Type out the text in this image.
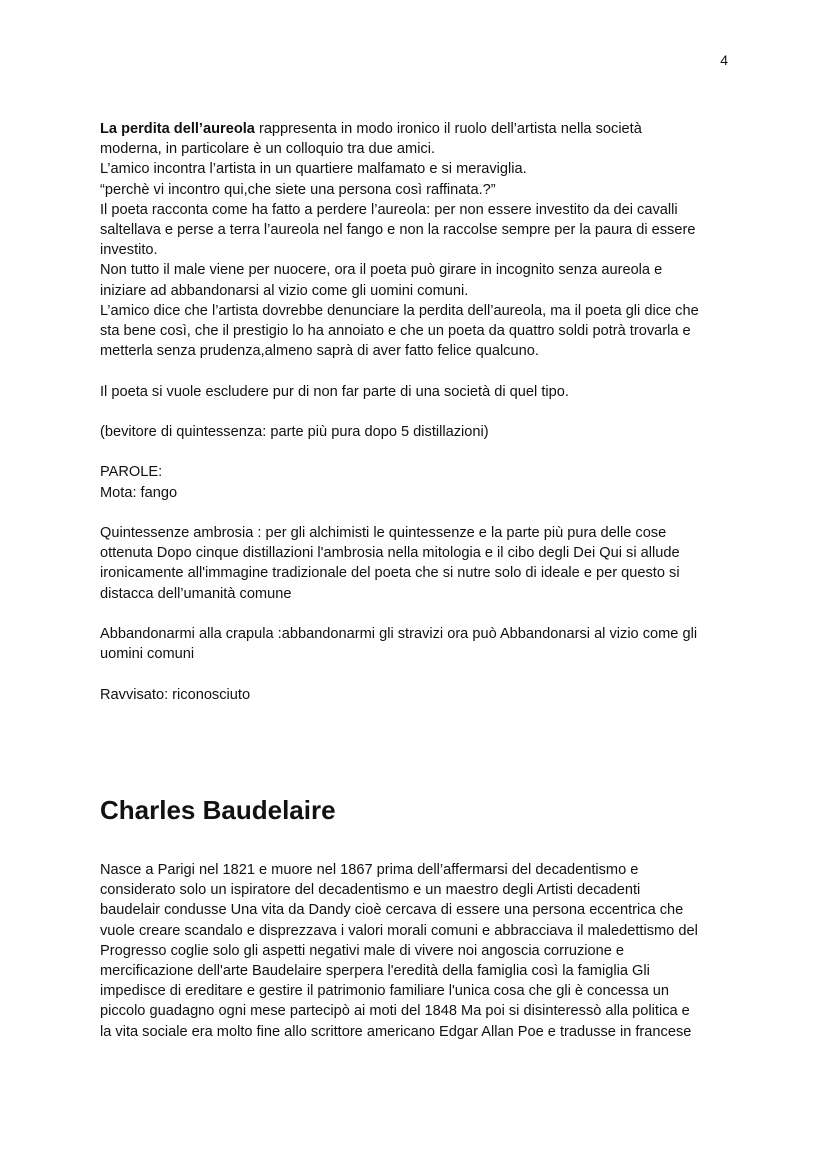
4
La perdita dell’aureola rappresenta in modo ironico il ruolo dell’artista nella società
moderna, in particolare è un colloquio tra due amici.
L’amico incontra l’artista in un quartiere malfamato e si meraviglia.
“perchè vi incontro qui,che siete una persona così raffinata.?”
Il poeta racconta come ha fatto a perdere l’aureola: per non essere investito da dei cavalli
saltellava e perse a terra l’aureola nel fango e non la raccolse sempre per la paura di essere
investito.
Non tutto il male viene per nuocere, ora il poeta può girare in incognito senza aureola e
iniziare ad abbandonarsi al vizio come gli uomini comuni.
L’amico dice che l’artista dovrebbe denunciare la perdita dell’aureola, ma il poeta gli dice che
sta bene così, che il prestigio lo ha annoiato e che un poeta da quattro soldi potrà trovarla e
metterla senza prudenza,almeno saprà di aver fatto felice qualcuno.
Il poeta si vuole escludere pur di non far parte di una società di quel tipo.
(bevitore di quintessenza: parte più pura dopo 5 distillazioni)
PAROLE:
Mota: fango
Quintessenze ambrosia : per gli alchimisti le quintessenze e la parte più pura delle cose
ottenuta Dopo cinque distillazioni l'ambrosia nella mitologia e il cibo degli Dei Qui si allude
ironicamente all'immagine tradizionale del poeta che si nutre solo di ideale e per questo si
distacca dell’umanità comune
Abbandonarmi alla crapula :abbandonarmi gli stravizi ora può Abbandonarsi al vizio come gli
uomini comuni
Ravvisato: riconosciuto
Charles Baudelaire
Nasce a Parigi nel 1821 e muore nel 1867 prima dell’affermarsi del decadentismo e
considerato solo un ispiratore del decadentismo e un maestro degli Artisti decadenti
baudelair condusse Una vita da Dandy cioè cercava di essere una persona eccentrica che
vuole creare scandalo e disprezzava i valori morali comuni e abbracciava il maledettismo del
Progresso coglie solo gli aspetti negativi male di vivere noi angoscia corruzione e
mercificazione dell'arte Baudelaire sperpera l'eredità della famiglia così la famiglia Gli
impedisce di ereditare e gestire il patrimonio familiare l'unica cosa che gli è concessa un
piccolo guadagno ogni mese partecipò ai moti del 1848 Ma poi si disinteressò alla politica e
la vita sociale era molto fine allo scrittore americano Edgar Allan Poe e tradusse in francese
